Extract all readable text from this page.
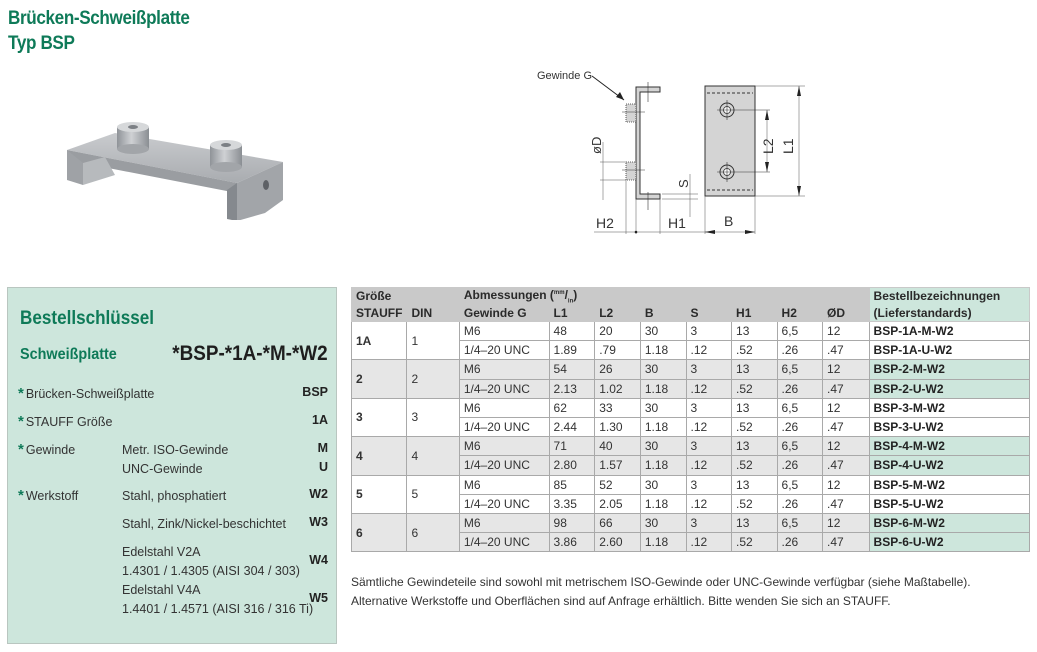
Brücken-Schweißplatte
Typ BSP
Gewinde G
øD
S
H2	H1
L2 L1
B
Bestellschlüssel
Schweißplatte	*BSP-*1A-*M-*W2
* Brücken-Schweißplatte	BSP
* STAUFF Größe	1A
* Gewinde	Metr. ISO-Gewinde	M
UNC-Gewinde	U
* Werkstoff	Stahl, phosphatiert	W2
Stahl, Zink/Nickel-beschichtet W3
Edelstahl V2A
1.4301 / 1.4305 (AISI 304 / 303)
W4
Edelstahl V4A
1.4401 / 1.4571 (AISI 316 / 316 Ti)
W5
Größe		Abmessungen $(^{mm}/_{in})$								Bestellbezeichnungen
STAUFF	DIN	Gewinde G	L1	L2	B	S	H1	H2	ØD	(Lieferstandards)
1A	1	M6	48	20	30	3	13	6,5	12	BSP-1A-M-W2
		1/4–20 UNC	1.89	.79	1.18	.12	.52	.26	.47	BSP-1A-U-W2
2	2	M6	54	26	30	3	13	6,5	12	BSP-2-M-W2
		1/4–20 UNC	2.13	1.02	1.18	.12	.52	.26	.47	BSP-2-U-W2
3	3	M6	62	33	30	3	13	6,5	12	BSP-3-M-W2
		1/4–20 UNC	2.44	1.30	1.18	.12	.52	.26	.47	BSP-3-U-W2
4	4	M6	71	40	30	3	13	6,5	12	BSP-4-M-W2
		1/4–20 UNC	2.80	1.57	1.18	.12	.52	.26	.47	BSP-4-U-W2
5	5	M6	85	52	30	3	13	6,5	12	BSP-5-M-W2
		1/4–20 UNC	3.35	2.05	1.18	.12	.52	.26	.47	BSP-5-U-W2
6	6	M6	98	66	30	3	13	6,5	12	BSP-6-M-W2
		1/4–20 UNC	3.86	2.60	1.18	.12	.52	.26	.47	BSP-6-U-W2
Sämtliche Gewindeteile sind sowohl mit metrischem ISO-Gewinde oder UNC-Gewinde verfügbar (siehe Maßtabelle).
Alternative Werkstoffe und Oberflächen sind auf Anfrage erhältlich. Bitte wenden Sie sich an STAUFF.
